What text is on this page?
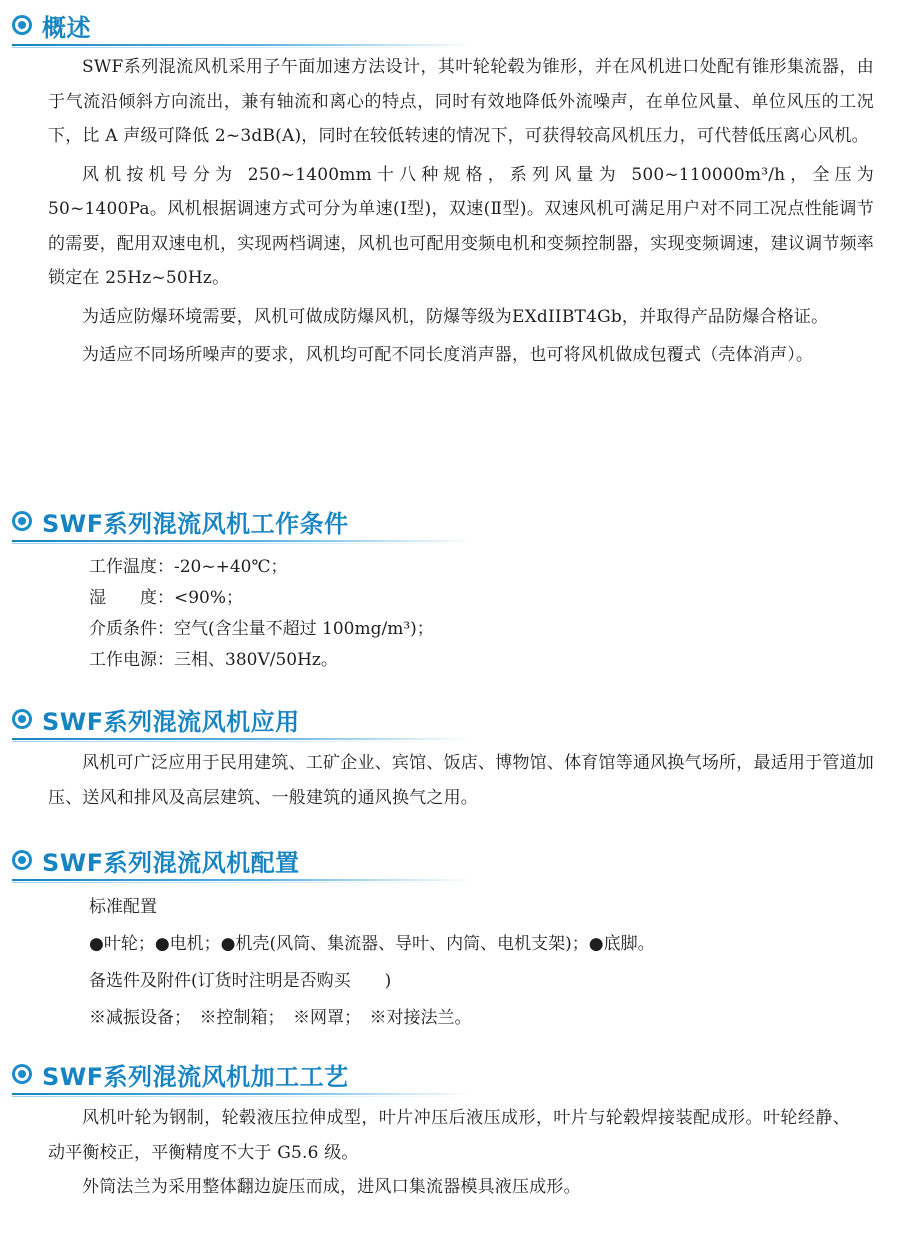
概述

SWF系列混流风机采用子午面加速方法设计，其叶轮轮毂为锥形，并在风机进口处配有锥形集流器，由于气流沿倾斜方向流出，兼有轴流和离心的特点，同时有效地降低外流噪声，在单位风量、单位风压的工况下，比 A 声级可降低 2~3dB(A)，同时在较低转速的情况下，可获得较高风机压力，可代替低压离心风机。

风机按机号分为 250~1400mm十八种规格，系列风量为 500~110000m³/h，全压为 50~1400Pa。风机根据调速方式可分为单速(Ⅰ型)，双速(Ⅱ型)。双速风机可满足用户对不同工况点性能调节的需要，配用双速电机，实现两档调速，风机也可配用变频电机和变频控制器，实现变频调速，建议调节频率锁定在 25Hz~50Hz。

为适应防爆环境需要，风机可做成防爆风机，防爆等级为EXdIIBT4Gb，并取得产品防爆合格证。

为适应不同场所噪声的要求，风机均可配不同长度消声器，也可将风机做成包覆式（壳体消声）。

SWF系列混流风机工作条件
工作温度：-20~+40℃；
湿　　度：<90%；
介质条件：空气(含尘量不超过 100mg/m³)；
工作电源：三相、380V/50Hz。
SWF系列混流风机应用

风机可广泛应用于民用建筑、工矿企业、宾馆、饭店、博物馆、体育馆等通风换气场所，最适用于管道加压、送风和排风及高层建筑、一般建筑的通风换气之用。

SWF系列混流风机配置
标准配置
●叶轮；●电机；●机壳(风筒、集流器、导叶、内筒、电机支架)；●底脚。
备选件及附件(订货时注明是否购买　　)
※减振设备；　※控制箱；　※网罩；　※对接法兰。
SWF系列混流风机加工工艺

风机叶轮为钢制，轮毂液压拉伸成型，叶片冲压后液压成形，叶片与轮毂焊接装配成形。叶轮经静、动平衡校正，平衡精度不大于 G5.6 级。

外筒法兰为采用整体翻边旋压而成，进风口集流器模具液压成形。
